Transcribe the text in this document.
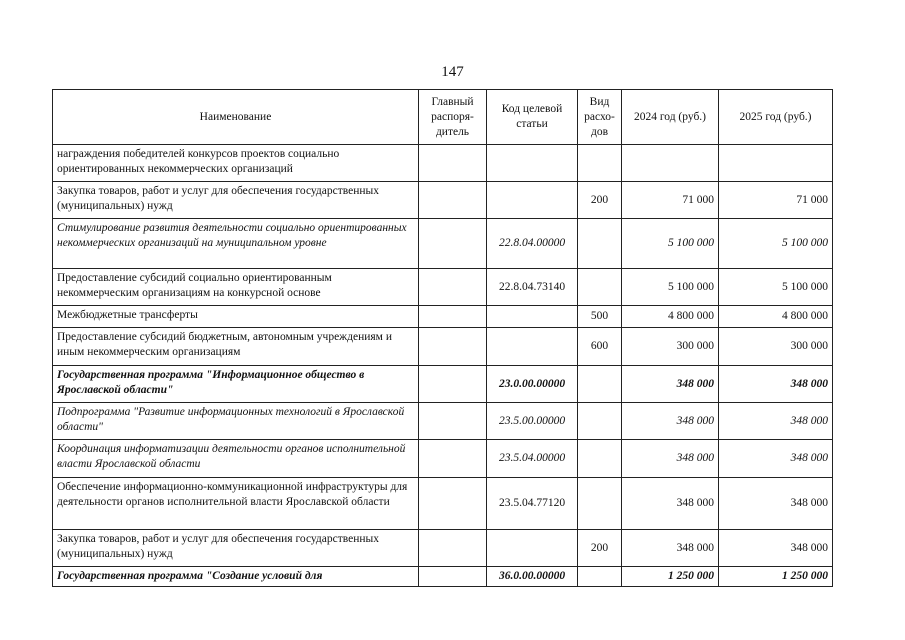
147
Наименование	Главный распоря- дитель	Код целевой статьи	Вид расхо- дов	2024 год (руб.)	2025 год (руб.)
награждения победителей конкурсов проектов социально ориентированных некоммерческих организаций					
Закупка товаров, работ и услуг для обеспечения государственных (муниципальных) нужд			200	71 000	71 000
Стимулирование развития деятельности социально ориентированных некоммерческих организаций на муниципальном уровне		22.8.04.00000		5 100 000	5 100 000
Предоставление субсидий социально ориентированным некоммерческим организациям на конкурсной основе		22.8.04.73140		5 100 000	5 100 000
Межбюджетные трансферты			500	4 800 000	4 800 000
Предоставление субсидий бюджетным, автономным учреждениям и иным некоммерческим организациям			600	300 000	300 000
Государственная программа "Информационное общество в Ярославской области"		23.0.00.00000		348 000	348 000
Подпрограмма "Развитие информационных технологий в Ярославской области"		23.5.00.00000		348 000	348 000
Координация информатизации деятельности органов исполнительной власти Ярославской области		23.5.04.00000		348 000	348 000
Обеспечение информационно-коммуникационной инфраструктуры для деятельности органов исполнительной власти Ярославской области		23.5.04.77120		348 000	348 000
Закупка товаров, работ и услуг для обеспечения государственных (муниципальных) нужд			200	348 000	348 000
Государственная программа "Создание условий для		36.0.00.00000		1 250 000	1 250 000
